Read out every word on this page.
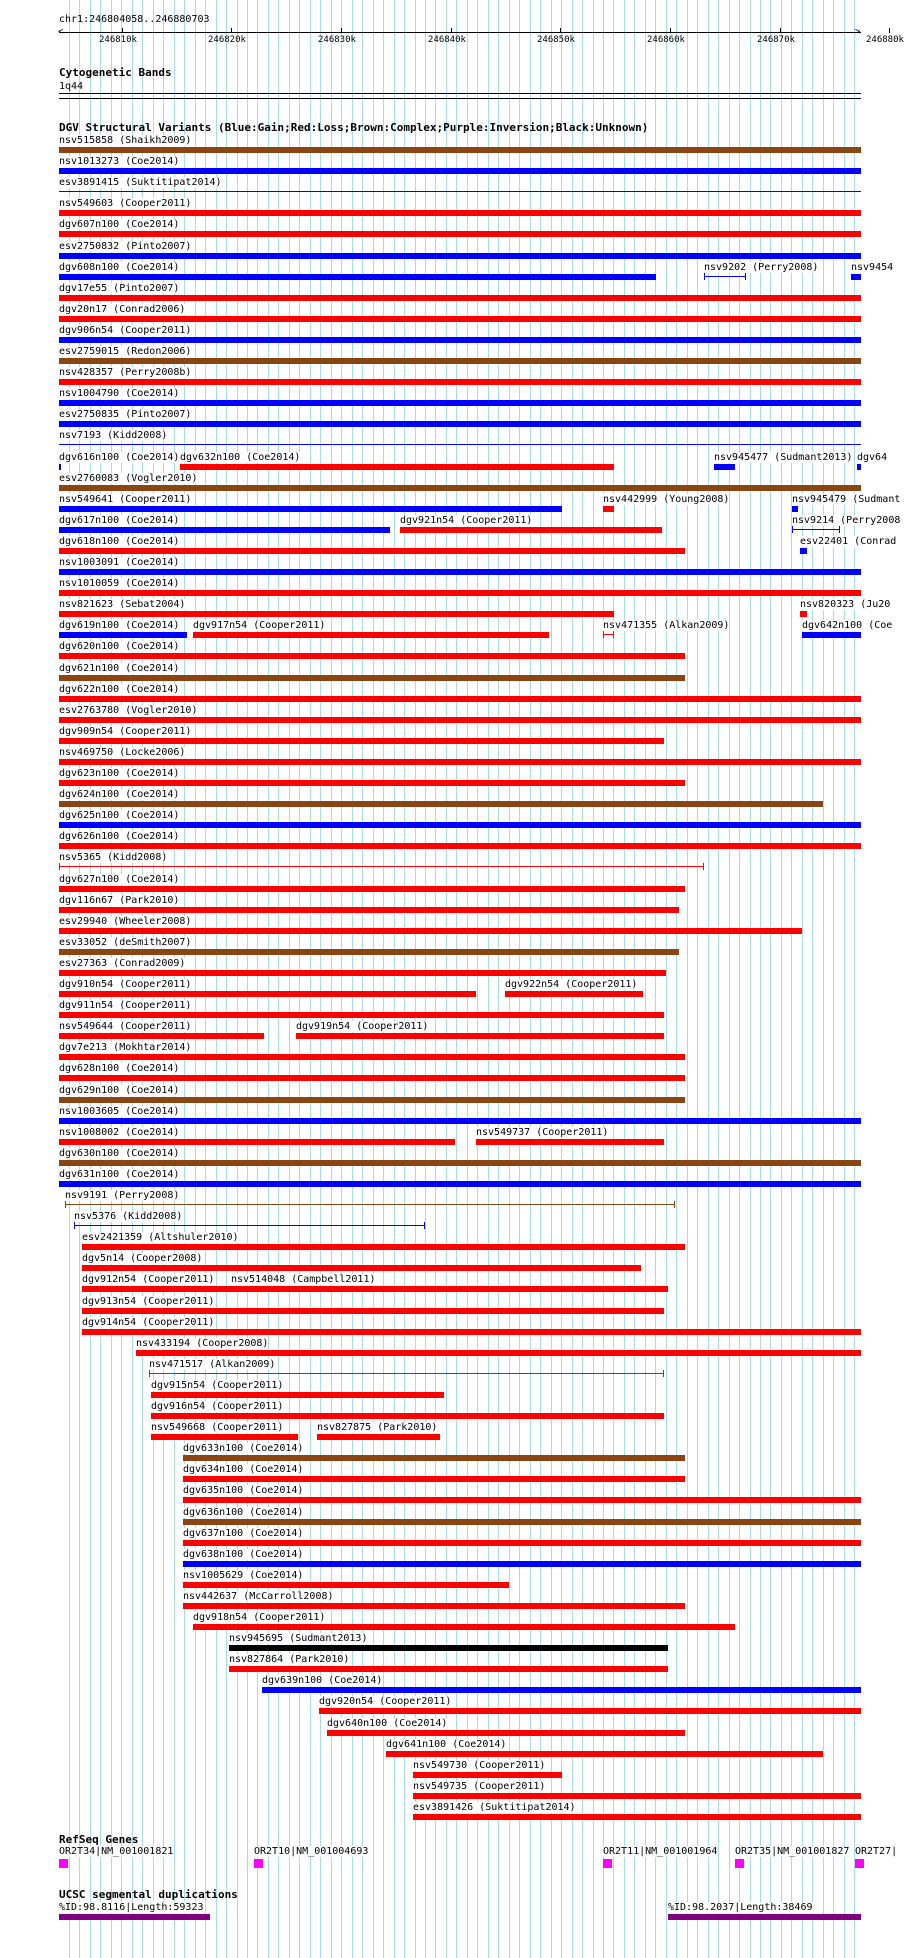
chr1:246804058..246880703
<	>
246810k	246820k	246830k	246840k	246850k	246860k	246870k	246880k
Cytogenetic Bands
1q44
DGV Structural Variants (Blue:Gain;Red:Loss;Brown:Complex;Purple:Inversion;Black:Unknown)
nsv515858 (Shaikh2009)
nsv1013273 (Coe2014)
esv3891415 (Suktitipat2014)
nsv549603 (Cooper2011)
dgv607n100 (Coe2014)
esv2750832 (Pinto2007)
dgv608n100 (Coe2014)	nsv9202 (Perry2008)	nsv9454
dgv17e55 (Pinto2007)
dgv20n17 (Conrad2006)
dgv906n54 (Cooper2011)
esv2759015 (Redon2006)
nsv428357 (Perry2008b)
nsv1004790 (Coe2014)
esv2750835 (Pinto2007)
nsv7193 (Kidd2008)
dgv616n100 (Coe2014) dgv632n100 (Coe2014)	nsv945477 (Sudmant2013) dgv64
esv2760083 (Vogler2010)
nsv549641 (Cooper2011)	nsv442999 (Young2008)	nsv945479 (Sudmant
dgv617n100 (Coe2014)	dgv921n54 (Cooper2011)	nsv9214 (Perry2008
dgv618n100 (Coe2014)	esv22401 (Conrad
nsv1003091 (Coe2014)
nsv1010059 (Coe2014)
nsv821623 (Sebat2004)	nsv820323 (Ju20
dgv619n100 (Coe2014) dgv917n54 (Cooper2011)	nsv471355 (Alkan2009)	dgv642n100 (Coe
dgv620n100 (Coe2014)
dgv621n100 (Coe2014)
dgv622n100 (Coe2014)
esv2763780 (Vogler2010)
dgv909n54 (Cooper2011)
nsv469750 (Locke2006)
dgv623n100 (Coe2014)
dgv624n100 (Coe2014)
dgv625n100 (Coe2014)
dgv626n100 (Coe2014)
nsv5365 (Kidd2008)
dgv627n100 (Coe2014)
dgv116n67 (Park2010)
esv29940 (Wheeler2008)
esv33052 (deSmith2007)
esv27363 (Conrad2009)
dgv910n54 (Cooper2011)	dgv922n54 (Cooper2011)
dgv911n54 (Cooper2011)
nsv549644 (Cooper2011)	dgv919n54 (Cooper2011)
dgv7e213 (Mokhtar2014)
dgv628n100 (Coe2014)
dgv629n100 (Coe2014)
nsv1003605 (Coe2014)
nsv1008002 (Coe2014)	nsv549737 (Cooper2011)
dgv630n100 (Coe2014)
dgv631n100 (Coe2014)
nsv9191 (Perry2008)
nsv5376 (Kidd2008)
esv2421359 (Altshuler2010)
dgv5n14 (Cooper2008)
dgv912n54 (Cooper2011) nsv514048 (Campbell2011)
dgv913n54 (Cooper2011)
dgv914n54 (Cooper2011)
nsv433194 (Cooper2008)
nsv471517 (Alkan2009)
dgv915n54 (Cooper2011)
dgv916n54 (Cooper2011)
nsv549668 (Cooper2011)	nsv827875 (Park2010)
dgv633n100 (Coe2014)
dgv634n100 (Coe2014)
dgv635n100 (Coe2014)
dgv636n100 (Coe2014)
dgv637n100 (Coe2014)
dgv638n100 (Coe2014)
nsv1005629 (Coe2014)
nsv442637 (McCarroll2008)
dgv918n54 (Cooper2011)
nsv945695 (Sudmant2013)
nsv827864 (Park2010)
dgv639n100 (Coe2014)
dgv920n54 (Cooper2011)
dgv640n100 (Coe2014)
dgv641n100 (Coe2014)
nsv549730 (Cooper2011)
nsv549735 (Cooper2011)
esv3891426 (Suktitipat2014)
RefSeq Genes
OR2T34|NM_001001821	OR2T10|NM_001004693	OR2T11|NM_001001964 OR2T35|NM_001001827 OR2T27|
UCSC segmental duplications
%ID:98.8116|Length:59323	%ID:98.2037|Length:38469
